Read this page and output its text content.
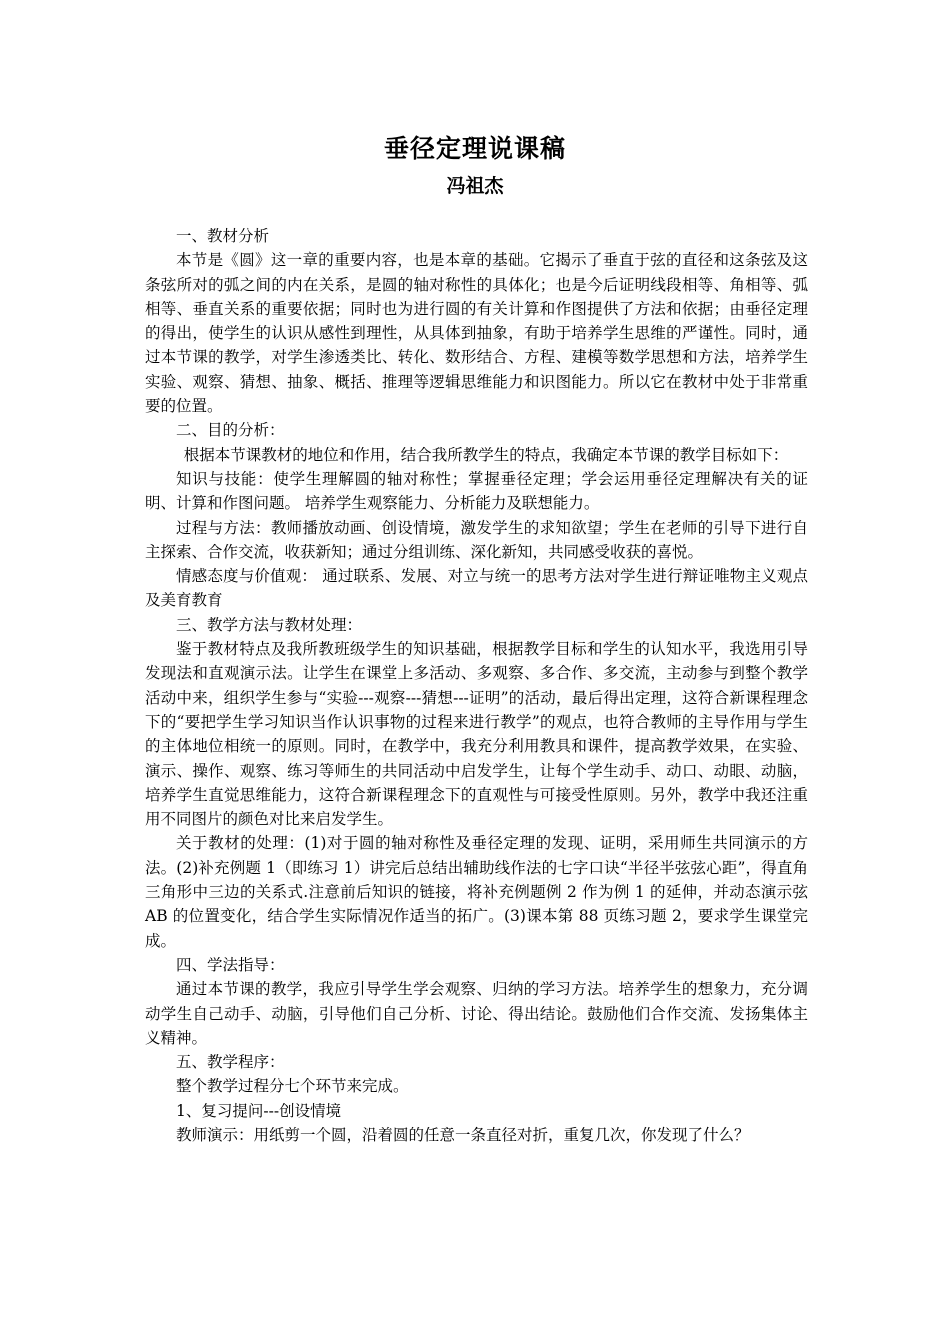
垂径定理说课稿
冯祖杰

一、教材分析

本节是《圆》这一章的重要内容，也是本章的基础。它揭示了垂直于弦的直径和这条弦及这条弦所对的弧之间的内在关系，是圆的轴对称性的具体化；也是今后证明线段相等、角相等、弧相等、垂直关系的重要依据；同时也为进行圆的有关计算和作图提供了方法和依据；由垂径定理的得出，使学生的认识从感性到理性，从具体到抽象，有助于培养学生思维的严谨性。同时，通过本节课的教学，对学生渗透类比、转化、数形结合、方程、建模等数学思想和方法，培养学生实验、观察、猜想、抽象、概括、推理等逻辑思维能力和识图能力。所以它在教材中处于非常重要的位置。

二、目的分析：

根据本节课教材的地位和作用，结合我所教学生的特点，我确定本节课的教学目标如下：

知识与技能：使学生理解圆的轴对称性；掌握垂径定理；学会运用垂径定理解决有关的证明、计算和作图问题。 培养学生观察能力、分析能力及联想能力。

过程与方法：教师播放动画、创设情境，激发学生的求知欲望；学生在老师的引导下进行自主探索、合作交流，收获新知；通过分组训练、深化新知，共同感受收获的喜悦。

情感态度与价值观： 通过联系、发展、对立与统一的思考方法对学生进行辩证唯物主义观点及美育教育

三、教学方法与教材处理：

鉴于教材特点及我所教班级学生的知识基础，根据教学目标和学生的认知水平，我选用引导发现法和直观演示法。让学生在课堂上多活动、多观察、多合作、多交流，主动参与到整个教学活动中来，组织学生参与“实验---观察---猜想---证明”的活动，最后得出定理，这符合新课程理念下的“要把学生学习知识当作认识事物的过程来进行教学”的观点，也符合教师的主导作用与学生的主体地位相统一的原则。同时，在教学中，我充分利用教具和课件，提高教学效果，在实验、演示、操作、观察、练习等师生的共同活动中启发学生，让每个学生动手、动口、动眼、动脑，培养学生直觉思维能力，这符合新课程理念下的直观性与可接受性原则。另外，教学中我还注重用不同图片的颜色对比来启发学生。

关于教材的处理：(1)对于圆的轴对称性及垂径定理的发现、证明，采用师生共同演示的方法。(2)补充例题 1（即练习 1）讲完后总结出辅助线作法的七字口诀“半径半弦弦心距”，得直角三角形中三边的关系式.注意前后知识的链接，将补充例题例 2 作为例 1 的延伸，并动态演示弦 AB 的位置变化，结合学生实际情况作适当的拓广。(3)课本第 88 页练习题 2，要求学生课堂完成。

四、学法指导：

通过本节课的教学，我应引导学生学会观察、归纳的学习方法。培养学生的想象力，充分调动学生自己动手、动脑，引导他们自己分析、讨论、得出结论。鼓励他们合作交流、发扬集体主义精神。

五、教学程序：

整个教学过程分七个环节来完成。

1、复习提问---创设情境

教师演示：用纸剪一个圆，沿着圆的任意一条直径对折，重复几次，你发现了什么？
